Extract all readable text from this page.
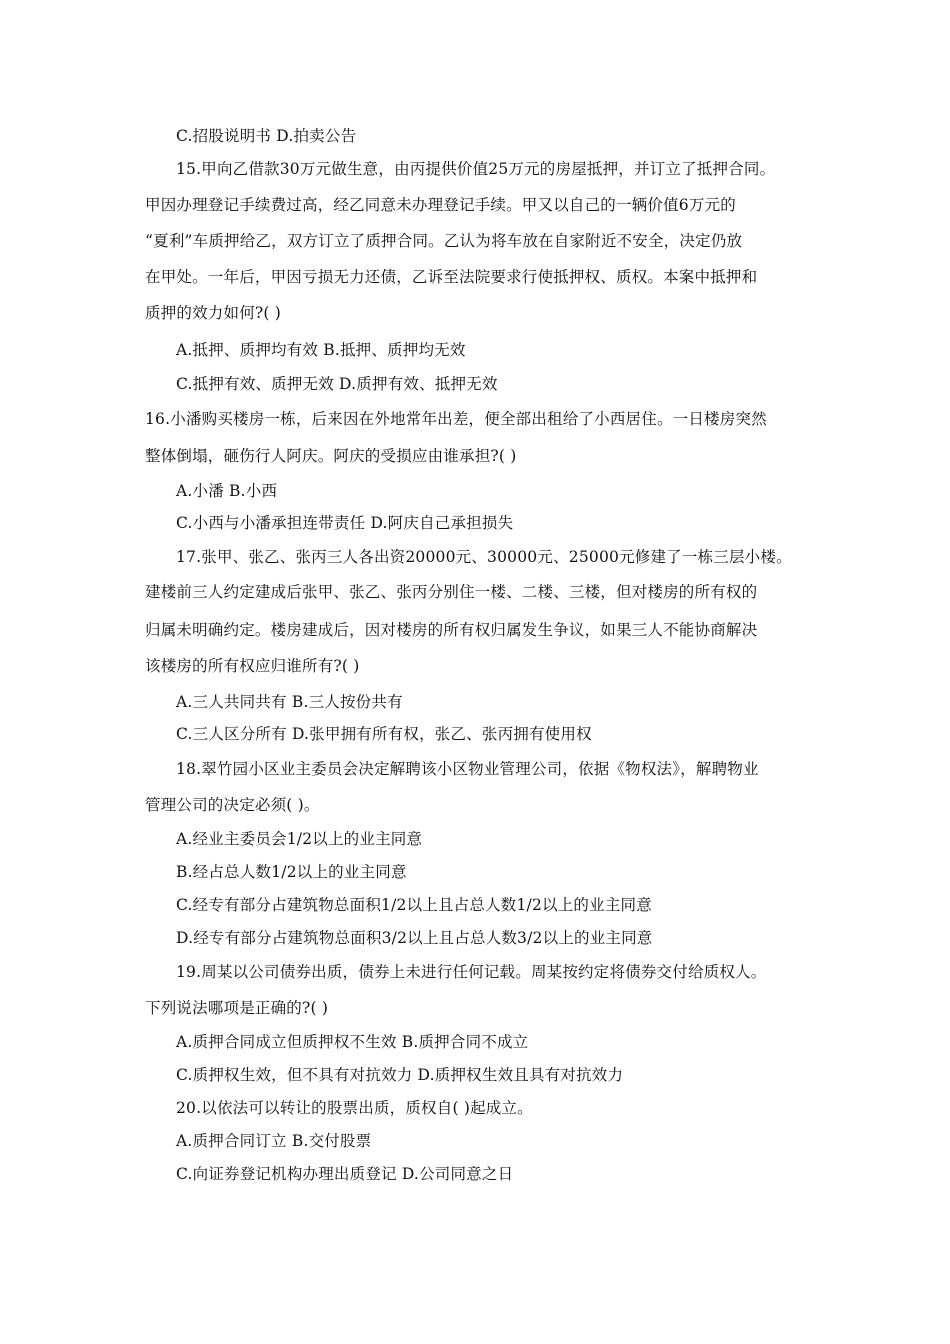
C.招股说明书 D.拍卖公告
15.甲向乙借款30万元做生意，由丙提供价值25万元的房屋抵押，并订立了抵押合同。
甲因办理登记手续费过高，经乙同意未办理登记手续。甲又以自己的一辆价值6万元的
“夏利”车质押给乙，双方订立了质押合同。乙认为将车放在自家附近不安全，决定仍放
在甲处。一年后，甲因亏损无力还债，乙诉至法院要求行使抵押权、质权。本案中抵押和
质押的效力如何?( )
A.抵押、质押均有效 B.抵押、质押均无效
C.抵押有效、质押无效 D.质押有效、抵押无效
16.小潘购买楼房一栋，后来因在外地常年出差，便全部出租给了小西居住。一日楼房突然
整体倒塌，砸伤行人阿庆。阿庆的受损应由谁承担?( )
A.小潘 B.小西
C.小西与小潘承担连带责任 D.阿庆自己承担损失
17.张甲、张乙、张丙三人各出资20000元、30000元、25000元修建了一栋三层小楼。
建楼前三人约定建成后张甲、张乙、张丙分别住一楼、二楼、三楼，但对楼房的所有权的
归属未明确约定。楼房建成后，因对楼房的所有权归属发生争议，如果三人不能协商解决
该楼房的所有权应归谁所有?( )
A.三人共同共有 B.三人按份共有
C.三人区分所有 D.张甲拥有所有权，张乙、张丙拥有使用权
18.翠竹园小区业主委员会决定解聘该小区物业管理公司，依据《物权法》，解聘物业
管理公司的决定必须( )。
A.经业主委员会1/2以上的业主同意
B.经占总人数1/2以上的业主同意
C.经专有部分占建筑物总面积1/2以上且占总人数1/2以上的业主同意
D.经专有部分占建筑物总面积3/2以上且占总人数3/2以上的业主同意
19.周某以公司债券出质，债券上未进行任何记载。周某按约定将债券交付给质权人。
下列说法哪项是正确的?( )
A.质押合同成立但质押权不生效 B.质押合同不成立
C.质押权生效，但不具有对抗效力 D.质押权生效且具有对抗效力
20.以依法可以转让的股票出质，质权自( )起成立。
A.质押合同订立 B.交付股票
C.向证券登记机构办理出质登记 D.公司同意之日
